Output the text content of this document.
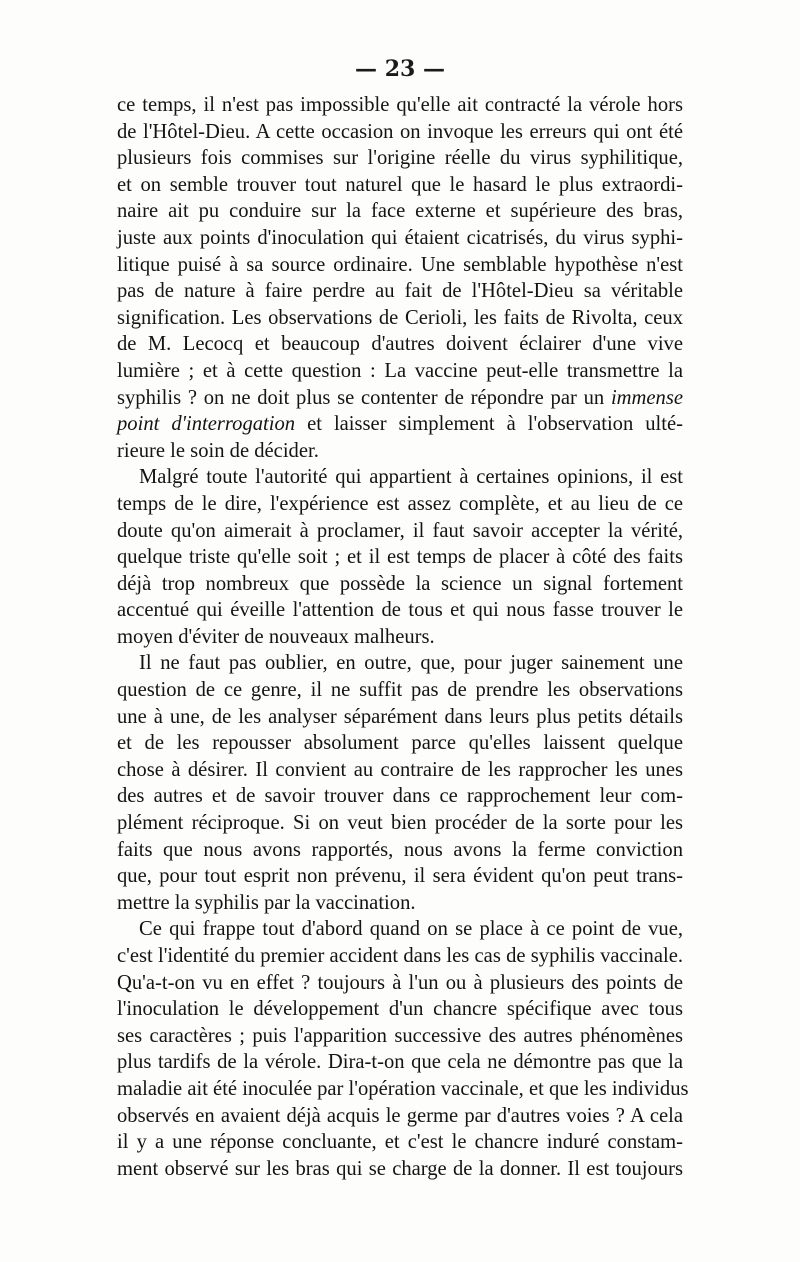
— 23 —
ce temps, il n'est pas impossible qu'elle ait contracté la vérole hors
de l'Hôtel-Dieu. A cette occasion on invoque les erreurs qui ont été
plusieurs fois commises sur l'origine réelle du virus syphilitique,
et on semble trouver tout naturel que le hasard le plus extraordi-
naire ait pu conduire sur la face externe et supérieure des bras,
juste aux points d'inoculation qui étaient cicatrisés, du virus syphi-
litique puisé à sa source ordinaire. Une semblable hypothèse n'est
pas de nature à faire perdre au fait de l'Hôtel-Dieu sa véritable
signification. Les observations de Cerioli, les faits de Rivolta, ceux
de M. Lecocq et beaucoup d'autres doivent éclairer d'une vive
lumière ; et à cette question : La vaccine peut-elle transmettre la
syphilis ? on ne doit plus se contenter de répondre par un immense
point d'interrogation et laisser simplement à l'observation ulté-
rieure le soin de décider.
Malgré toute l'autorité qui appartient à certaines opinions, il est
temps de le dire, l'expérience est assez complète, et au lieu de ce
doute qu'on aimerait à proclamer, il faut savoir accepter la vérité,
quelque triste qu'elle soit ; et il est temps de placer à côté des faits
déjà trop nombreux que possède la science un signal fortement
accentué qui éveille l'attention de tous et qui nous fasse trouver le
moyen d'éviter de nouveaux malheurs.
Il ne faut pas oublier, en outre, que, pour juger sainement une
question de ce genre, il ne suffit pas de prendre les observations
une à une, de les analyser séparément dans leurs plus petits détails
et de les repousser absolument parce qu'elles laissent quelque
chose à désirer. Il convient au contraire de les rapprocher les unes
des autres et de savoir trouver dans ce rapprochement leur com-
plément réciproque. Si on veut bien procéder de la sorte pour les
faits que nous avons rapportés, nous avons la ferme conviction
que, pour tout esprit non prévenu, il sera évident qu'on peut trans-
mettre la syphilis par la vaccination.
Ce qui frappe tout d'abord quand on se place à ce point de vue,
c'est l'identité du premier accident dans les cas de syphilis vaccinale.
Qu'a-t-on vu en effet ? toujours à l'un ou à plusieurs des points de
l'inoculation le développement d'un chancre spécifique avec tous
ses caractères ; puis l'apparition successive des autres phénomènes
plus tardifs de la vérole. Dira-t-on que cela ne démontre pas que la
maladie ait été inoculée par l'opération vaccinale, et que les individus
observés en avaient déjà acquis le germe par d'autres voies ? A cela
il y a une réponse concluante, et c'est le chancre induré constam-
ment observé sur les bras qui se charge de la donner. Il est toujours
